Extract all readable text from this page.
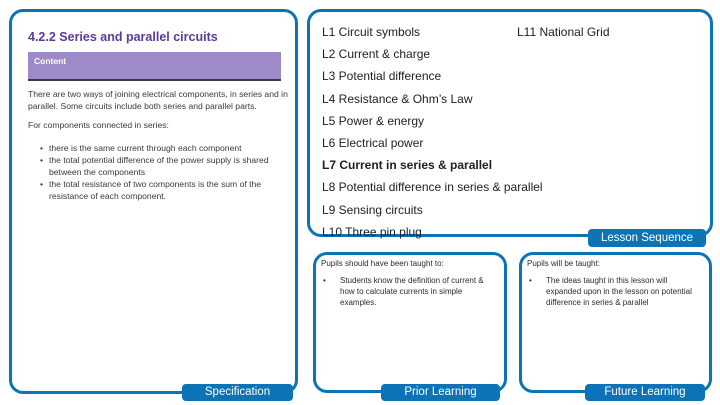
4.2.2 Series and parallel circuits
Content

There are two ways of joining electrical components, in series and in parallel. Some circuits include both series and parallel parts.

For components connected in series:

•
there is the same current through each component
•
the total potential difference of the power supply is shared between the components
•
the total resistance of two components is the sum of the resistance of each component.
L1 Circuit symbols
L2 Current & charge
L3 Potential difference
L4 Resistance & Ohm’s Law
L5 Power & energy
L6 Electrical power
L7 Current in series & parallel
L8 Potential difference in series & parallel
L9 Sensing circuits
L10 Three pin plug
L11 National Grid

Pupils should have been taught to:

•
Students know the definition of current & how to calculate currents in simple examples.

Pupils will be taught:

•
The ideas taught in this lesson will expanded upon in the lesson on potential difference in series & parallel
Lesson Sequence
Specification	Prior Learning	Future Learning
